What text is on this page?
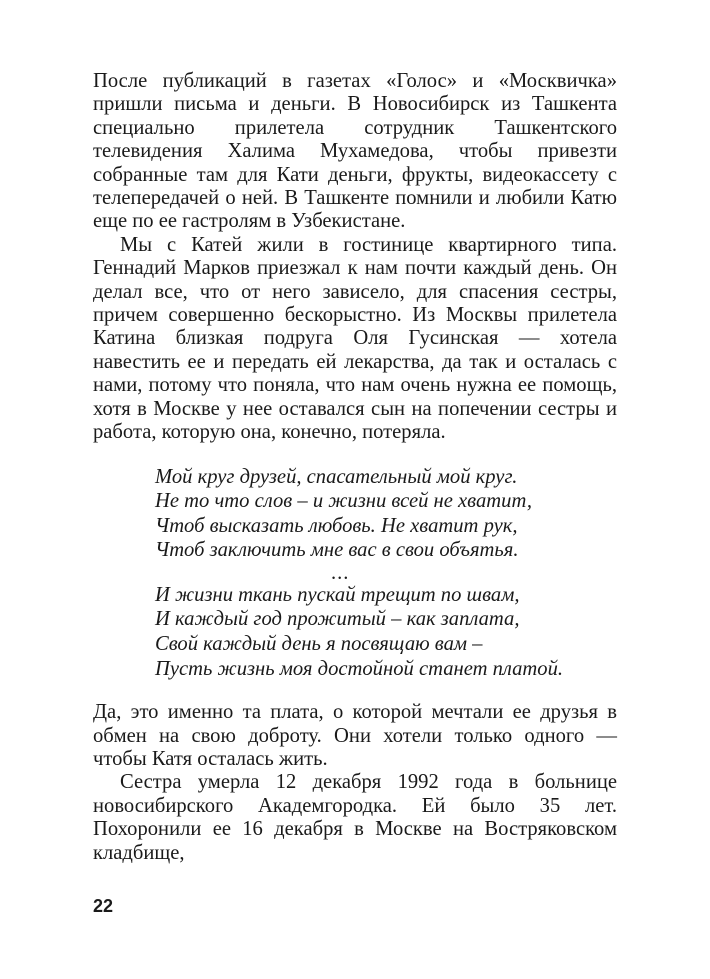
После публикаций в газетах «Голос» и «Москвичка» пришли письма и деньги. В Новосибирск из Ташкента специально прилетела сотрудник Ташкентского телевидения Халима Мухамедова, чтобы привезти собранные там для Кати деньги, фрукты, видеокассету с телепередачей о ней. В Ташкенте помнили и любили Катю еще по ее гастролям в Узбекистане.

Мы с Катей жили в гостинице квартирного типа. Геннадий Марков приезжал к нам почти каждый день. Он делал все, что от него зависело, для спасения сестры, причем совершенно бескорыстно. Из Москвы прилетела Катина близкая подруга Оля Гусинская — хотела навестить ее и передать ей лекарства, да так и осталась с нами, потому что поняла, что нам очень нужна ее помощь, хотя в Москве у нее оставался сын на попечении сестры и работа, которую она, конечно, потеряла.

Мой круг друзей, спасательный мой круг.
Не то что слов – и жизни всей не хватит,
Чтоб высказать любовь. Не хватит рук,
Чтоб заключить мне вас в свои объятья.
...
И жизни ткань пускай трещит по швам,
И каждый год прожитый – как заплата,
Свой каждый день я посвящаю вам –
Пусть жизнь моя достойной станет платой.

Да, это именно та плата, о которой мечтали ее друзья в обмен на свою доброту. Они хотели только одного — чтобы Катя осталась жить.

Сестра умерла 12 декабря 1992 года в больнице новосибирского Академгородка. Ей было 35 лет. Похоронили ее 16 декабря в Москве на Востряковском кладбище,

22
